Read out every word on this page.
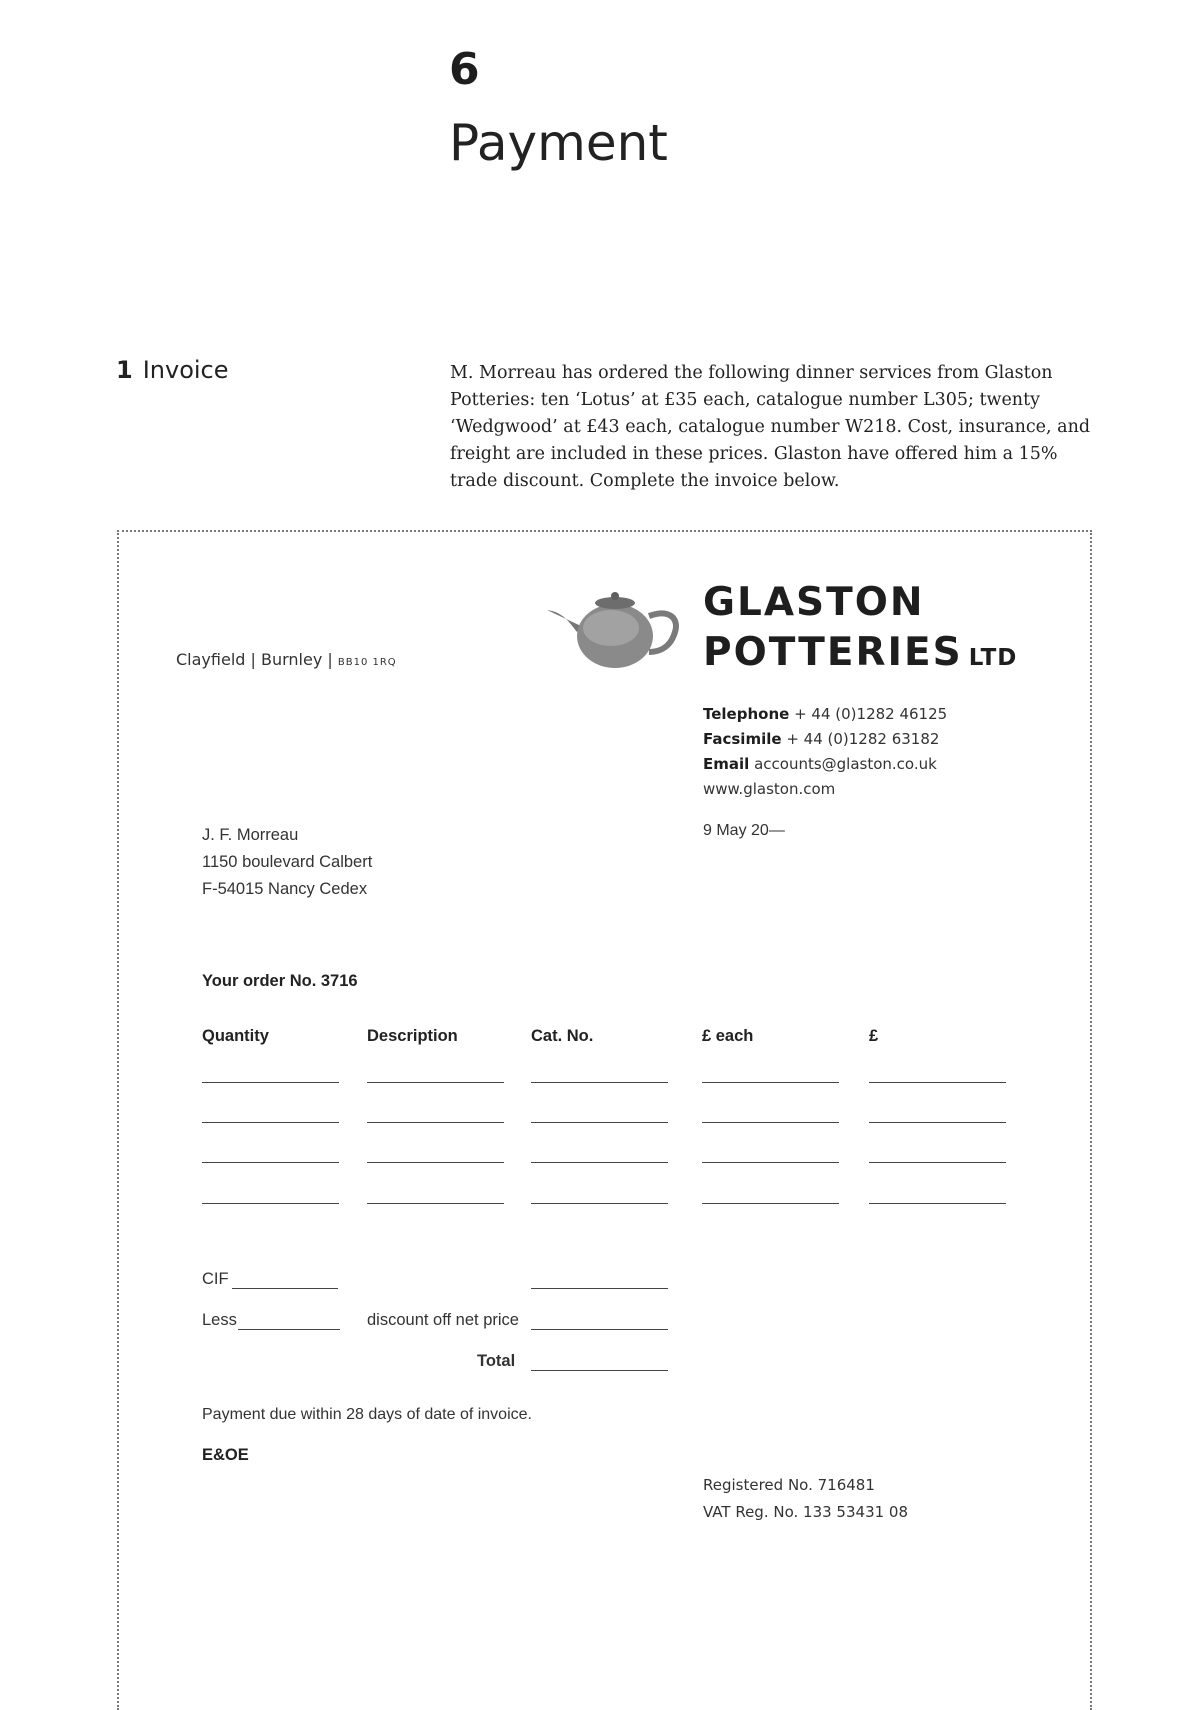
6
Payment
1 Invoice	M. Morreau has ordered the following dinner services from Glaston Potteries: ten ‘Lotus’ at £35 each, catalogue number L305; twenty ‘Wedgwood’ at £43 each, catalogue number W218. Cost, insurance, and freight are included in these prices. Glaston have offered him a 15% trade discount. Complete the invoice below.
Clayfield | Burnley | BB10 1RQ
GLASTON
POTTERIES LTD
Telephone + 44 (0)1282 46125
Facsimile + 44 (0)1282 63182
Email accounts@glaston.co.uk
www.glaston.com
J. F. Morreau
1150 boulevard Calbert
F-54015 Nancy Cedex
9 May 20—
Your order No. 3716
Quantity	Description	Cat. No.	£ each	£
CIF
Less	discount off net price
Total
Payment due within 28 days of date of invoice.
E&OE
Registered No. 716481
VAT Reg. No. 133 53431 08
